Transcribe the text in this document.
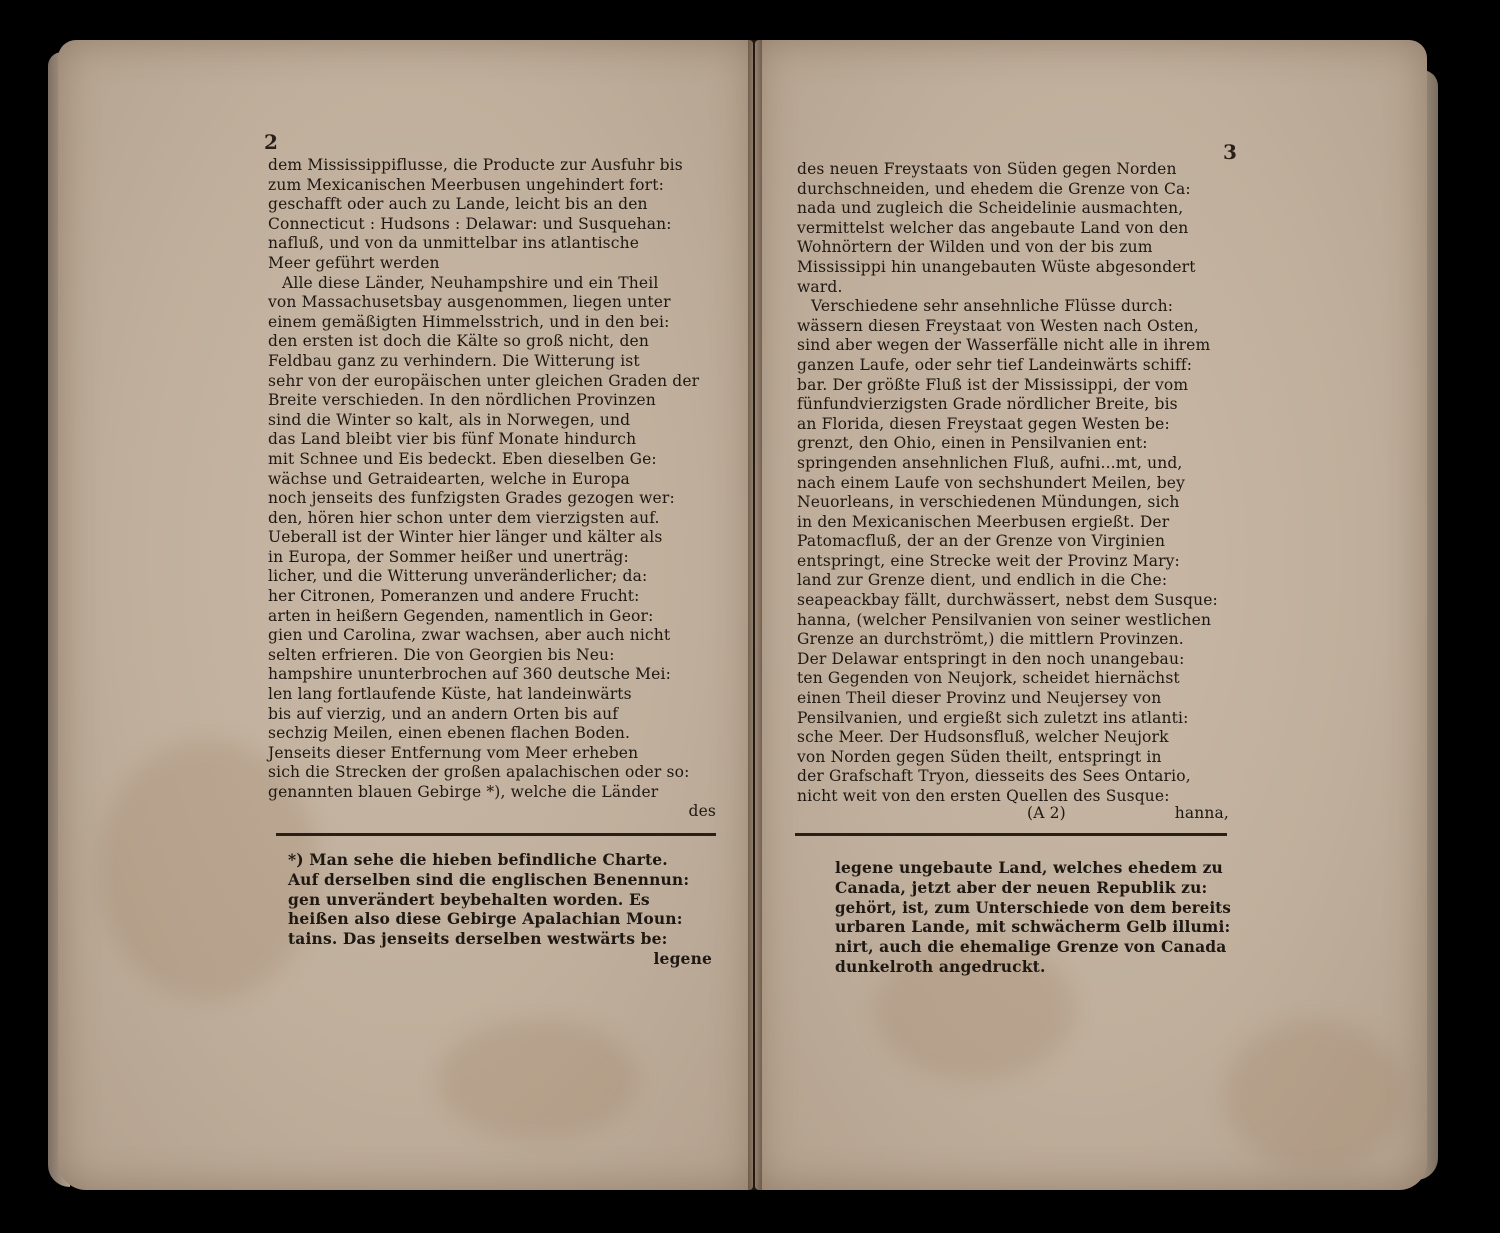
2
dem Mississippiflusse, die Producte zur Ausfuhr bis
zum Mexicanischen Meerbusen ungehindert fort:
geschafft oder auch zu Lande, leicht bis an den
Connecticut : Hudsons : Delawar: und Susquehan:
nafluß, und von da unmittelbar ins atlantische
Meer geführt werden
Alle diese Länder, Neuhampshire und ein Theil
von Massachusetsbay ausgenommen, liegen unter
einem gemäßigten Himmelsstrich, und in den bei:
den ersten ist doch die Kälte so groß nicht, den
Feldbau ganz zu verhindern. Die Witterung ist
sehr von der europäischen unter gleichen Graden der
Breite verschieden. In den nördlichen Provinzen
sind die Winter so kalt, als in Norwegen, und
das Land bleibt vier bis fünf Monate hindurch
mit Schnee und Eis bedeckt. Eben dieselben Ge:
wächse und Getraidearten, welche in Europa
noch jenseits des funfzigsten Grades gezogen wer:
den, hören hier schon unter dem vierzigsten auf.
Ueberall ist der Winter hier länger und kälter als
in Europa, der Sommer heißer und unerträg:
licher, und die Witterung unveränderlicher; da:
her Citronen, Pomeranzen und andere Frucht:
arten in heißern Gegenden, namentlich in Geor:
gien und Carolina, zwar wachsen, aber auch nicht
selten erfrieren. Die von Georgien bis Neu:
hampshire ununterbrochen auf 360 deutsche Mei:
len lang fortlaufende Küste, hat landeinwärts
bis auf vierzig, und an andern Orten bis auf
sechzig Meilen, einen ebenen flachen Boden.
Jenseits dieser Entfernung vom Meer erheben
sich die Strecken der großen apalachischen oder so:
genannten blauen Gebirge *), welche die Länder
des
*) Man sehe die hieben befindliche Charte.
Auf derselben sind die englischen Benennun:
gen unverändert beybehalten worden. Es
heißen also diese Gebirge Apalachian Moun:
tains. Das jenseits derselben westwärts be:
legene
3
des neuen Freystaats von Süden gegen Norden
durchschneiden, und ehedem die Grenze von Ca:
nada und zugleich die Scheidelinie ausmachten,
vermittelst welcher das angebaute Land von den
Wohnörtern der Wilden und von der bis zum
Mississippi hin unangebauten Wüste abgesondert
ward.
Verschiedene sehr ansehnliche Flüsse durch:
wässern diesen Freystaat von Westen nach Osten,
sind aber wegen der Wasserfälle nicht alle in ihrem
ganzen Laufe, oder sehr tief Landeinwärts schiff:
bar. Der größte Fluß ist der Mississippi, der vom
fünfundvierzigsten Grade nördlicher Breite, bis
an Florida, diesen Freystaat gegen Westen be:
grenzt, den Ohio, einen in Pensilvanien ent:
springenden ansehnlichen Fluß, aufni...mt, und,
nach einem Laufe von sechshundert Meilen, bey
Neuorleans, in verschiedenen Mündungen, sich
in den Mexicanischen Meerbusen ergießt. Der
Patomacfluß, der an der Grenze von Virginien
entspringt, eine Strecke weit der Provinz Mary:
land zur Grenze dient, und endlich in die Che:
seapeackbay fällt, durchwässert, nebst dem Susque:
hanna, (welcher Pensilvanien von seiner westlichen
Grenze an durchströmt,) die mittlern Provinzen.
Der Delawar entspringt in den noch unangebau:
ten Gegenden von Neujork, scheidet hiernächst
einen Theil dieser Provinz und Neujersey von
Pensilvanien, und ergießt sich zuletzt ins atlanti:
sche Meer. Der Hudsonsfluß, welcher Neujork
von Norden gegen Süden theilt, entspringt in
der Grafschaft Tryon, diesseits des Sees Ontario,
nicht weit von den ersten Quellen des Susque:
(A 2)	hanna,
legene ungebaute Land, welches ehedem zu
Canada, jetzt aber der neuen Republik zu:
gehört, ist, zum Unterschiede von dem bereits
urbaren Lande, mit schwächerm Gelb illumi:
nirt, auch die ehemalige Grenze von Canada
dunkelroth angedruckt.
